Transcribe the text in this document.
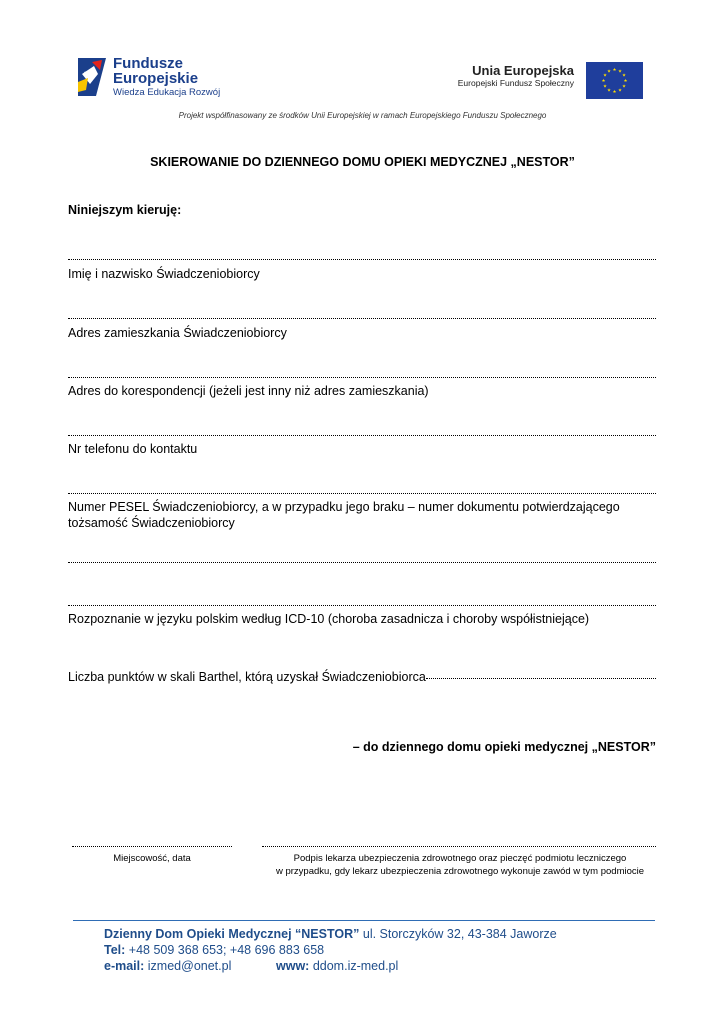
Fundusze
Europejskie
Wiedza Edukacja Rozwój
Unia Europejska
Europejski Fundusz Społeczny
★ ★
★
★
★
★
★
★
★
★
★
★
Projekt współfinasowany ze środków Unii Europejskiej w ramach Europejskiego Funduszu Społecznego
SKIEROWANIE DO DZIENNEGO DOMU OPIEKI MEDYCZNEJ „NESTOR”
Niniejszym kieruję:
Imię i nazwisko Świadczeniobiorcy
Adres zamieszkania Świadczeniobiorcy
Adres do korespondencji (jeżeli jest inny niż adres zamieszkania)
Nr telefonu do kontaktu
Numer PESEL Świadczeniobiorcy, a w przypadku jego braku – numer dokumentu potwierdzającego
tożsamość Świadczeniobiorcy
Rozpoznanie w języku polskim według ICD-10 (choroba zasadnicza i choroby współistniejące)
Liczba punktów w skali Barthel, którą uzyskał Świadczeniobiorca
– do dziennego domu opieki medycznej „NESTOR”
Miejscowość, data	Podpis lekarza ubezpieczenia zdrowotnego oraz pieczęć podmiotu leczniczego
w przypadku, gdy lekarz ubezpieczenia zdrowotnego wykonuje zawód w tym podmiocie
Dzienny Dom Opieki Medycznej “NESTOR” ul. Storczyków 32, 43-384 Jaworze
Tel: +48 509 368 653; +48 696 883 658
e-mail: izmed@onet.pl	www: ddom.iz-med.pl
